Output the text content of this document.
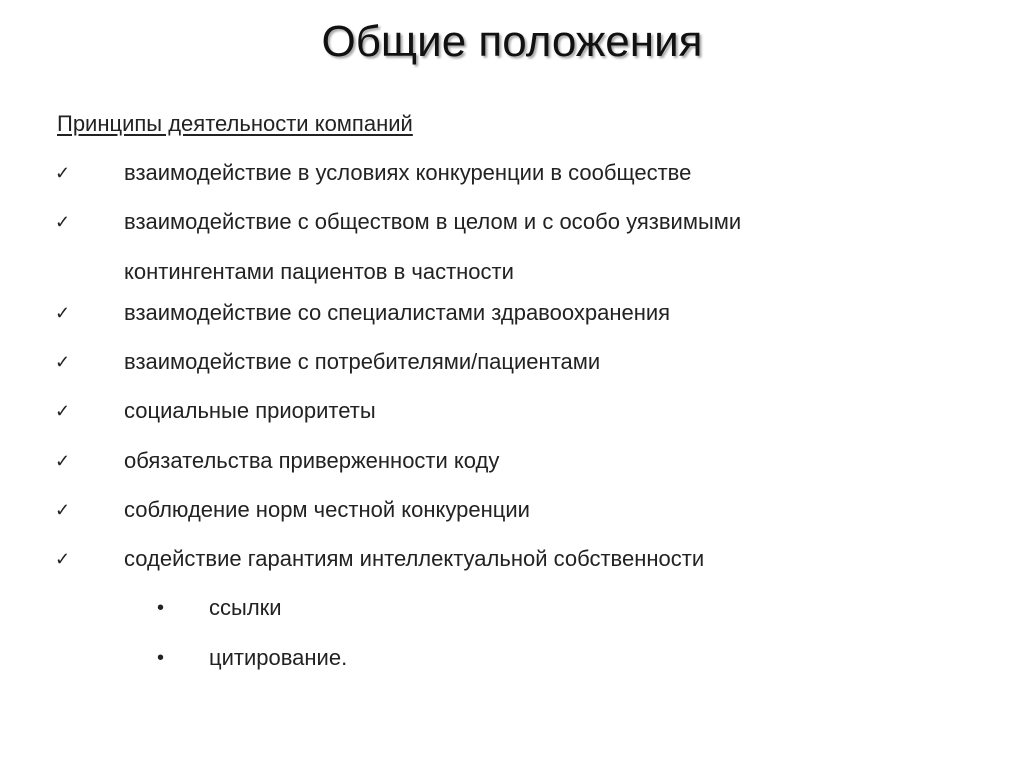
Общие положения
Принципы деятельности компаний
✓ взаимодействие в условиях конкуренции в сообществе
✓ взаимодействие с обществом в целом и с особо уязвимыми контингентами пациентов в частности
✓ взаимодействие со специалистами здравоохранения
✓ взаимодействие с потребителями/пациентами
✓ социальные приоритеты
✓ обязательства приверженности коду
✓ соблюдение норм честной конкуренции
✓ содействие гарантиям интеллектуальной собственности
• ссылки
• цитирование.
